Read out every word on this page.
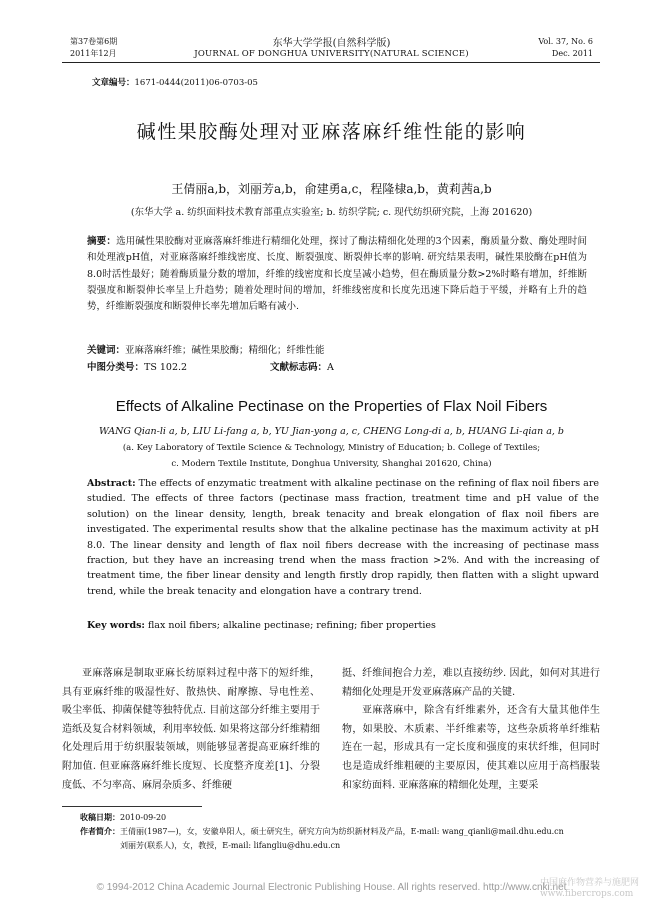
第37卷第6期
2011年12月
东华大学学报(自然科学版)
JOURNAL OF DONGHUA UNIVERSITY(NATURAL SCIENCE)
Vol. 37, No. 6
Dec. 2011
文章编号：1671-0444(2011)06-0703-05
碱性果胶酶处理对亚麻落麻纤维性能的影响
王倩丽a,b，刘丽芳a,b，俞建勇a,c，程隆棣a,b，黄莉茜a,b
(东华大学 a. 纺织面料技术教育部重点实验室; b. 纺织学院; c. 现代纺织研究院，上海 201620)
摘要：选用碱性果胶酶对亚麻落麻纤维进行精细化处理，探讨了酶法精细化处理的3个因素，酶质量分数、酶处理时间和处理液pH值，对亚麻落麻纤维线密度、长度、断裂强度、断裂伸长率的影响. 研究结果表明，碱性果胶酶在pH值为8.0时活性最好；随着酶质量分数的增加，纤维的线密度和长度呈减小趋势，但在酶质量分数>2%时略有增加，纤维断裂强度和断裂伸长率呈上升趋势；随着处理时间的增加，纤维线密度和长度先迅速下降后趋于平缓，并略有上升的趋势，纤维断裂强度和断裂伸长率先增加后略有减小.
关键词：亚麻落麻纤维；碱性果胶酶；精细化；纤维性能
中图分类号：TS 102.2	文献标志码：A
Effects of Alkaline Pectinase on the Properties of Flax Noil Fibers
WANG Qian-li a, b, LIU Li-fang a, b, YU Jian-yong a, c, CHENG Long-di a, b, HUANG Li-qian a, b
(a. Key Laboratory of Textile Science & Technology, Ministry of Education; b. College of Textiles;
c. Modern Textile Institute, Donghua University, Shanghai 201620, China)
Abstract: The effects of enzymatic treatment with alkaline pectinase on the refining of flax noil fibers are studied. The effects of three factors (pectinase mass fraction, treatment time and pH value of the solution) on the linear density, length, break tenacity and break elongation of flax noil fibers are investigated. The experimental results show that the alkaline pectinase has the maximum activity at pH 8.0. The linear density and length of flax noil fibers decrease with the increasing of pectinase mass fraction, but they have an increasing trend when the mass fraction >2%. And with the increasing of treatment time, the fiber linear density and length firstly drop rapidly, then flatten with a slight upward trend, while the break tenacity and elongation have a contrary trend.
Key words: flax noil fibers; alkaline pectinase; refining; fiber properties
亚麻落麻是制取亚麻长纺原料过程中落下的短纤维，具有亚麻纤维的吸湿性好、散热快、耐摩擦、导电性差、吸尘率低、抑菌保健等独特优点. 目前这部分纤维主要用于造纸及复合材料领域，利用率较低. 如果将这部分纤维精细化处理后用于纺织服装领域，则能够显著提高亚麻纤维的附加值. 但亚麻落麻纤维长度短、长度整齐度差[1]、分裂度低、不匀率高、麻屑杂质多、纤维硬
挺、纤维间抱合力差，难以直接纺纱. 因此，如何对其进行精细化处理是开发亚麻落麻产品的关键.
亚麻落麻中，除含有纤维素外，还含有大量其他伴生物，如果胶、木质素、半纤维素等，这些杂质将单纤维粘连在一起，形成具有一定长度和强度的束状纤维，但同时也是造成纤维粗硬的主要原因，使其难以应用于高档服装和家纺面料. 亚麻落麻的精细化处理，主要采
收稿日期：2010-09-20
作者简介：王倩丽(1987—)，女，安徽阜阳人，硕士研究生，研究方向为纺织新材料及产品，E-mail: wang_qianli@mail.dhu.edu.cn
刘丽芳(联系人)，女，教授，E-mail: lifangliu@dhu.edu.cn
© 1994-2012 China Academic Journal Electronic Publishing House. All rights reserved. http://www.cnki.net
中国麻作物营养与施肥网 www.fibercrops.com
